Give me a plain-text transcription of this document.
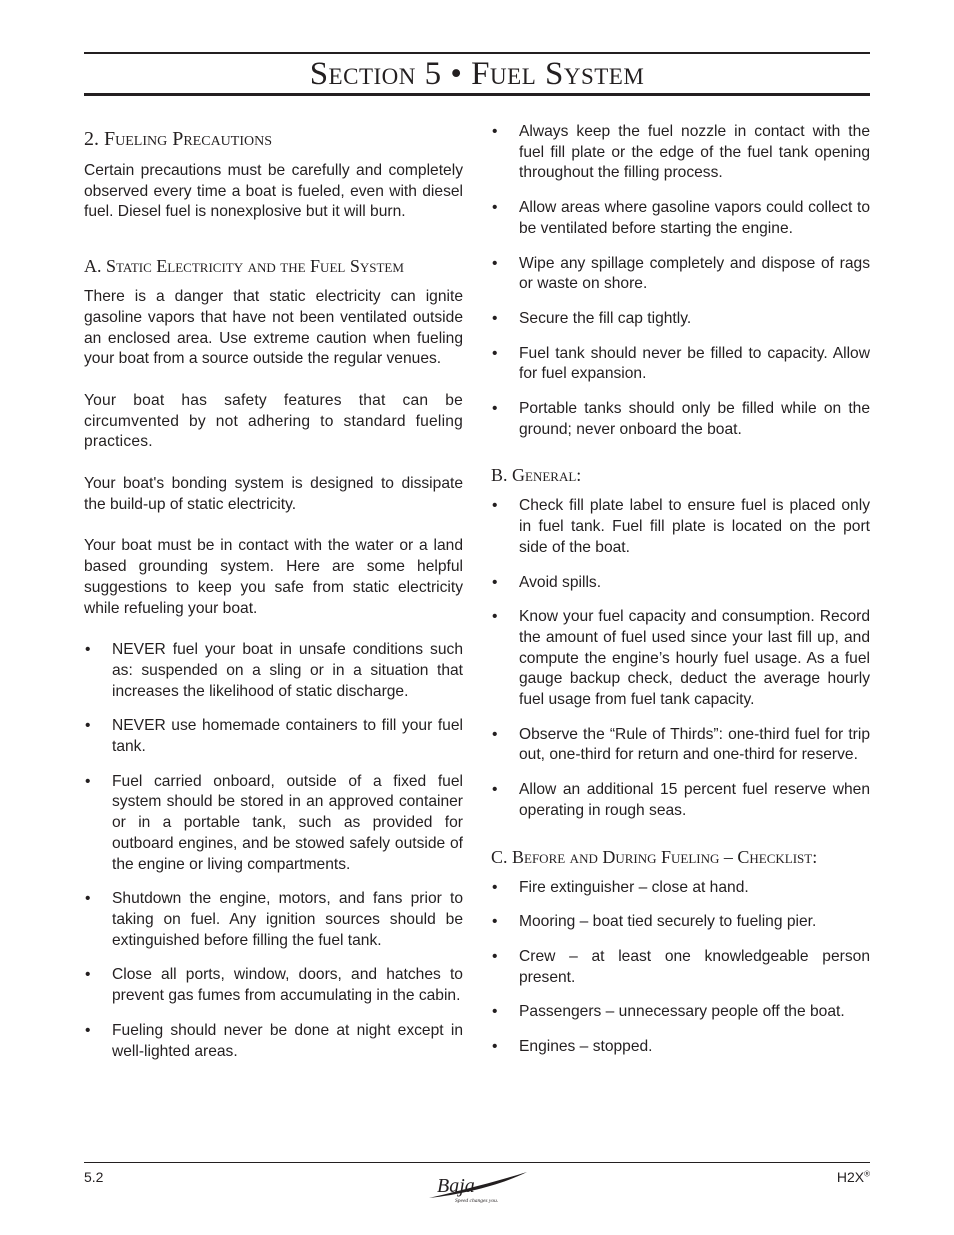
Section 5 • Fuel System
2. Fueling Precautions

Certain precautions must be carefully and completely observed every time a boat is fueled, even with diesel fuel. Diesel fuel is nonexplosive but it will burn.

A. Static Electricity and the Fuel System

There is a danger that static electricity can ignite gasoline vapors that have not been ventilated outside an enclosed area. Use extreme caution when fueling your boat from a source outside the regular venues.

Your boat has safety features that can be circumvented by not adhering to standard fueling practices.

Your boat's bonding system is designed to dissipate the build-up of static electricity.

Your boat must be in contact with the water or a land based grounding system. Here are some helpful suggestions to keep you safe from static electricity while refueling your boat.

• NEVER fuel your boat in unsafe conditions such as: suspended on a sling or in a situation that increases the likelihood of static discharge.
• NEVER use homemade containers to fill your fuel tank.
• Fuel carried onboard, outside of a fixed fuel system should be stored in an approved container or in a portable tank, such as provided for outboard engines, and be stowed safely outside of the engine or living compartments.
• Shutdown the engine, motors, and fans prior to taking on fuel. Any ignition sources should be extinguished before filling the fuel tank.
• Close all ports, window, doors, and hatches to prevent gas fumes from accumulating in the cabin.
• Fueling should never be done at night except in well-lighted areas.
• Always keep the fuel nozzle in contact with the fuel fill plate or the edge of the fuel tank opening throughout the filling process.
• Allow areas where gasoline vapors could collect to be ventilated before starting the engine.
• Wipe any spillage completely and dispose of rags or waste on shore.
• Secure the fill cap tightly.
• Fuel tank should never be filled to capacity. Allow for fuel expansion.
• Portable tanks should only be filled while on the ground; never onboard the boat.
B. General:
• Check fill plate label to ensure fuel is placed only in fuel tank. Fuel fill plate is located on the port side of the boat.
• Avoid spills.
• Know your fuel capacity and consumption. Record the amount of fuel used since your last fill up, and compute the engine’s hourly fuel usage. As a fuel gauge backup check, deduct the average hourly fuel usage from fuel tank capacity.
• Observe the “Rule of Thirds”: one-third fuel for trip out, one-third for return and one-third for reserve.
• Allow an additional 15 percent fuel reserve when operating in rough seas.
C. Before and During Fueling – Checklist:
• Fire extinguisher – close at hand.
• Mooring – boat tied securely to fueling pier.
• Crew – at least one knowledgeable person present.
• Passengers – unnecessary people off the boat.
• Engines – stopped.
5.2	Baja
Speed changes you.
H2X®
